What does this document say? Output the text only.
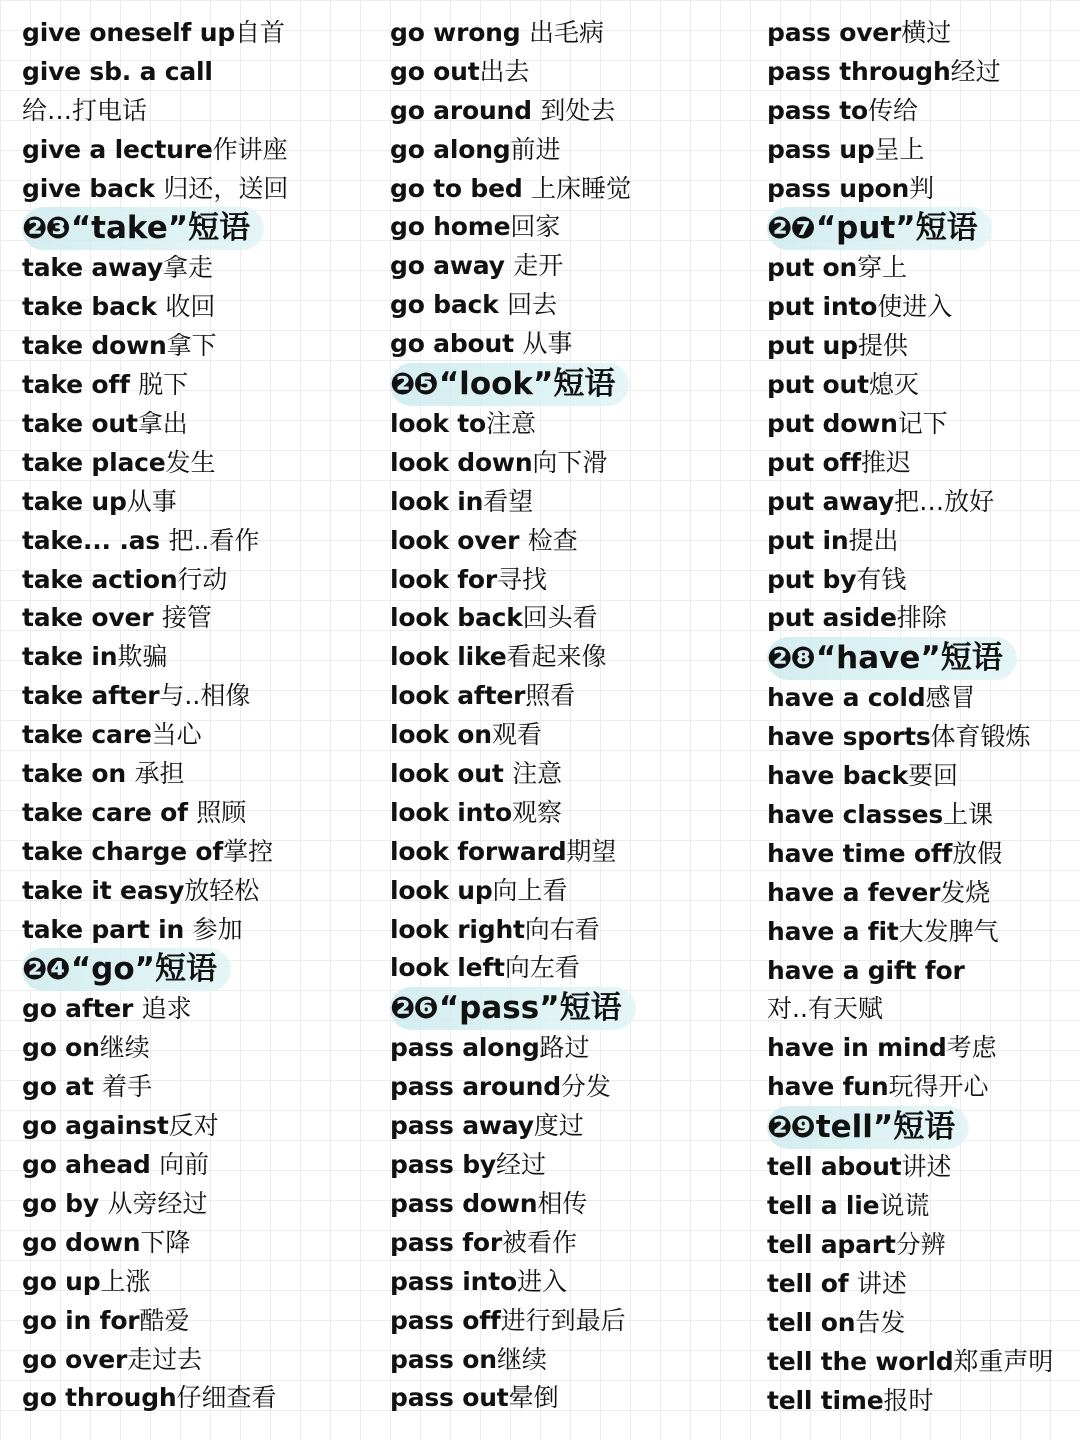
give oneself up自首
give sb. a call
给…打电话
give a lecture作讲座
give back 归还，送回
❷❸“take”短语
take away拿走
take back 收回
take down拿下
take off 脱下
take out拿出
take place发生
take up从事
take... .as 把..看作
take action行动
take over 接管
take in欺骗
take after与..相像
take care当心
take on 承担
take care of 照顾
take charge of掌控
take it easy放轻松
take part in 参加
❷❹“go”短语
go after 追求
go on继续
go at 着手
go against反对
go ahead 向前
go by 从旁经过
go down下降
go up上涨
go in for酷爱
go over走过去
go through仔细查看
go wrong 出毛病
go out出去
go around 到处去
go along前进
go to bed 上床睡觉
go home回家
go away 走开
go back 回去
go about 从事
❷❺“look”短语
look to注意
look down向下滑
look in看望
look over 检查
look for寻找
look back回头看
look like看起来像
look after照看
look on观看
look out 注意
look into观察
look forward期望
look up向上看
look right向右看
look left向左看
❷❻“pass”短语
pass along路过
pass around分发
pass away度过
pass by经过
pass down相传
pass for被看作
pass into进入
pass off进行到最后
pass on继续
pass out晕倒
pass over横过
pass through经过
pass to传给
pass up呈上
pass upon判
❷❼“put”短语
put on穿上
put into使进入
put up提供
put out熄灭
put down记下
put off推迟
put away把…放好
put in提出
put by有钱
put aside排除
❷❽“have”短语
have a cold感冒
have sports体育锻炼
have back要回
have classes上课
have time off放假
have a fever发烧
have a fit大发脾气
have a gift for
对..有天赋
have in mind考虑
have fun玩得开心
❷❾tell”短语
tell about讲述
tell a lie说谎
tell apart分辨
tell of 讲述
tell on告发
tell the world郑重声明
tell time报时
